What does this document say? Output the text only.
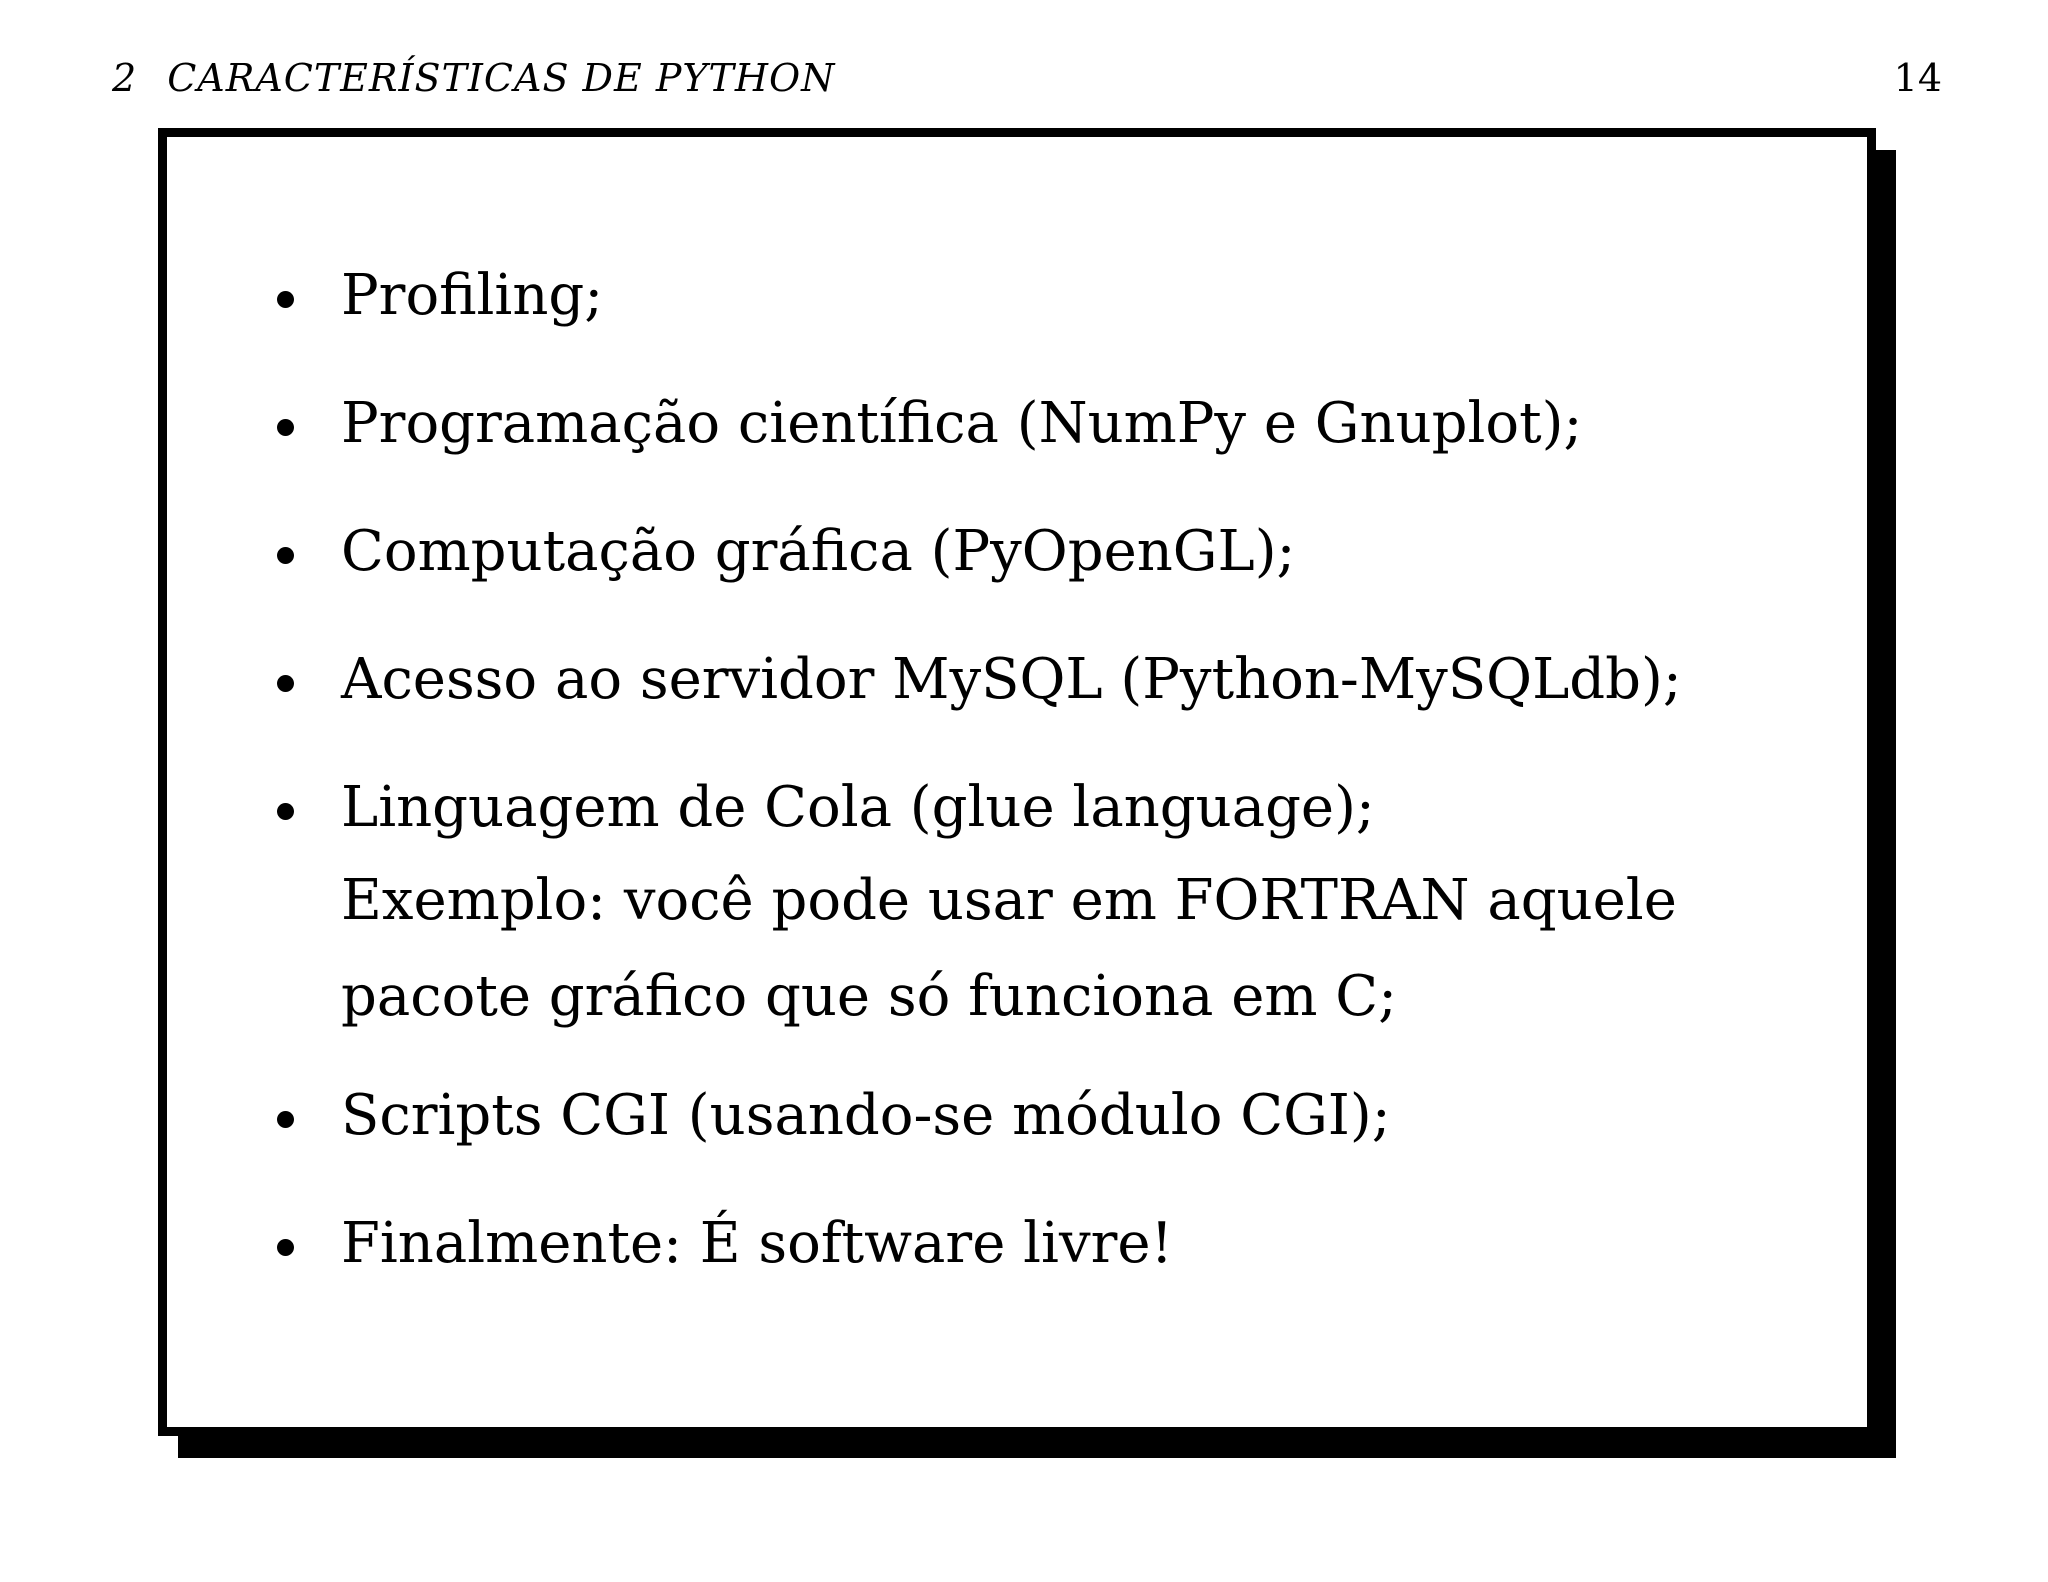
2 CARACTERÍSTICAS DE PYTHON	14
Profiling;
Programação científica (NumPy e Gnuplot);
Computação gráfica (PyOpenGL);
Acesso ao servidor MySQL (Python-MySQLdb);
Linguagem de Cola (glue language);
Exemplo: você pode usar em FORTRAN aquele pacote gráfico que só funciona em C;
Scripts CGI (usando-se módulo CGI);
Finalmente: É software livre!
